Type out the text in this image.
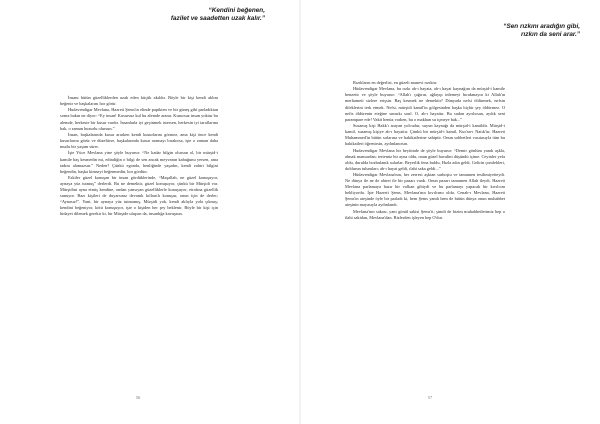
“Kendini beğenen,
fazilet ve saadetten uzak kalır.”

İnsanı bütün güzelliklerden uzak eden küçük akıldır. Böyle bir kişi kendi aklını beğenir ve başkalarını hor görür.

Hudavendigar Mevlana, Hazreti Şems'in elinde papikten ve bir güneş gibi parladıktan sonra bakın ne diyor: “Ey insan! Kusursuz kul bu alemde aranır. Kusursuz insan yoktur bu alemde, herkeste bir kusur vardır. İnsanlarla iyi geçinmek istersen, herkesin iyi taraflarına bak, o zaman huzurlu olursun.”

İnsan, başkalarında kusur ararken kendi kusurlarını görmez, ama kişi önce kendi kusurlarını görür ve düzeltirse, başkalarında kusur aramayı bırakırsa, işte o zaman daha mutlu bir yaşam sürer.

İşte Yüce Mevlana yine şöyle buyurur: “Ne kadar bilgin olursan ol, bir mürşid-i kamile baş kesmedin mi, edindiğin o bilgi de sen ancak meyvanın kabuğunu yersen, ama tadını alamazsın.” Neden? Çünkü egonda, benliğinde yaşadın, kendi zahiri bilgini beğendin, başka kimseyi beğenmedin, hor gördün.

Eskiler güzel konuşan bir insan gördüklerinde, “Maşallah, ne güzel konuşuyor, aynaya yüz tutmuş” derlerdi. Bu ne demektir, güzel konuşuyor, çünkü bir Mürşidi var. Mürşidini ayna etmiş kendine, ondan yansıyan güzelliklerle konuşuyor, etrafına güzellik sunuyor. Bazı kişileri de duyarsınız devamlı kıllarıtlı konuşur, onun için de derler; “Aynasız!”. Yani, bir aynaya yüz tutmamış, Mürşidi yok, kendi aklıyla yola çıkmış; kendini beğeniyor, kötü konuşuyor, işte o kişiden her şey beklenir. Böyle bir kişi için hidayet dilemek gerekir ki, bir Mürşide ulaşsın da, insanlığa kavuşsun.

56
“Sen rızkını aradığın gibi,
rızkın da seni arar.”

Rızıkların en değerlisi, en güzeli manevi rızıktır.

Hüdavendigar Mevlana, bu rızkı ab-ı hayata, ab-ı hayat kaynağını da mürşid-i kamile benzetir ve şöyle buyurur: “Allah'ı çağırın, ağlayıp inlemeyi bırakmayın ki Allah'ın merhameti sizlere erişsin. Baş kesmek ne demektir? Dünyada nefsi öldürmek, nefsin dileklerini terk etmek. Nefsi, mürşidi kamil'in gölgesinden başka hiçbir şey öldürmez. O nefis öldürenin eteğine sımsıkı sarıl. O, ab-ı hayattır. Bu sudan ayrılırsan, aydık seni parampare ede! Vakit henüz varken, bu o makhan su içmeye bak...”

Susamış kişi Hakk'ı arayan yolcudur, suyun kaynağı da mürşid-i kamildir. Mürşid-i kamil, susamış kişiye ab-ı hayattır. Çünkü bir mürşid-i kamil, Kur'an-ı Natık'tır, Hazreti Muhammed'in bütün sırlarına ve hakikatlerine sahiptir. Onun sohbetleri vasıtasıyla tüm bu hakikatleri öğrenirsin, aydınlanırsın.

Hudavendigar Mevlana bir beyitinde de şöyle buyurur: “Demir gönlüm yandı aşkla, almak mansardan; tertemiz bir ayna oldu, onun güzel havalini düşündü içime. Ceyinler yefa oldu, durulda bozbulanık sularlar. Beyerlik fena buldu, Hızla adın geldi. Gelirin çomlekleri, doldurun tulumları; ab-ı hayat geldi, ılahi saka geldi...”

Hüdavendigar Mevlana'nın, her zerresi aşktan sarhoştu ve tamamen tesilimiyetteydi. Ne dünya ile ne de ahiret ile bir pazarı vardı. Onun pazarı tamamen Allah ileydi. Hazreti Mevlana parlamaya hazır bir volkan gibiydi ve bu parlamayı yapacak bir kıvılcım bekliyordu. İşte Hazreti Şems, Mevlana'nın kıvılcımı oldu. Cenab-ı Mevlana, Hazreti Şems'in ateşinde öyle bir parladı ki, hem Şems yandı hem de bütün dünya onun muhabbet ateşinin mayasıyla aydınlandı.

Mevlana'nın sakası, yani gönül sakisi Şems'ti; şimdi de bizim muhabbetlerimiz hep o ilahi sakidan, Mevlana'dan. Bizlerden işleyen hep O'dur.

57
